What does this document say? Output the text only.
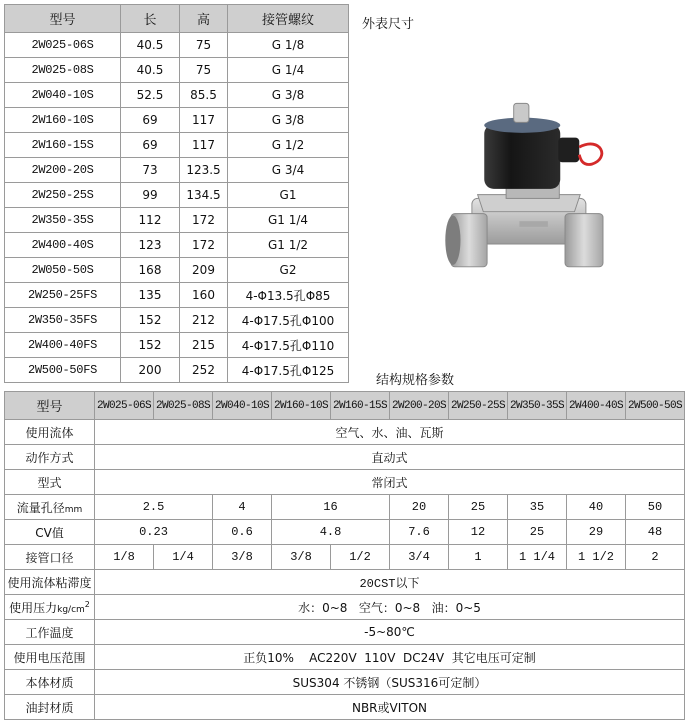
型号	长	高	接管螺纹
2W025-06S	40.5	75	G 1/8
2W025-08S	40.5	75	G 1/4
2W040-10S	52.5	85.5	G 3/8
2W160-10S	69	117	G 3/8
2W160-15S	69	117	G 1/2
2W200-20S	73	123.5	G 3/4
2W250-25S	99	134.5	G1
2W350-35S	112	172	G1 1/4
2W400-40S	123	172	G1 1/2
2W050-50S	168	209	G2
2W250-25FS	135	160	4-Φ13.5孔Φ85
2W350-35FS	152	212	4-Φ17.5孔Φ100
2W400-40FS	152	215	4-Φ17.5孔Φ110
2W500-50FS	200	252	4-Φ17.5孔Φ125
外表尺寸
结构规格参数
型号	2W025-06S	2W025-08S	2W040-10S	2W160-10S	2W160-15S	2W200-20S	2W250-25S	2W350-35S	2W400-40S	2W500-50S
使用流体	空气、水、油、瓦斯									
动作方式	直动式									
型式	常闭式									
流量孔径mm	2.5		4	16		20	25	35	40	50
CV值	0.23		0.6	4.8		7.6	12	25	29	48
接管口径	1/8	1/4	3/8	3/8	1/2	3/4	1	1 1/4	1 1/2	2
使用流体粘滞度	20CST以下									
使用压力$kg/cm^2$	水：0~8   空气：0~8   油：0~5									
工作温度	-5~80℃									
使用电压范围	正负10%    AC220V  110V  DC24V  其它电压可定制									
本体材质	SUS304 不锈钢（SUS316可定制）									
油封材质	NBR或VITON									
